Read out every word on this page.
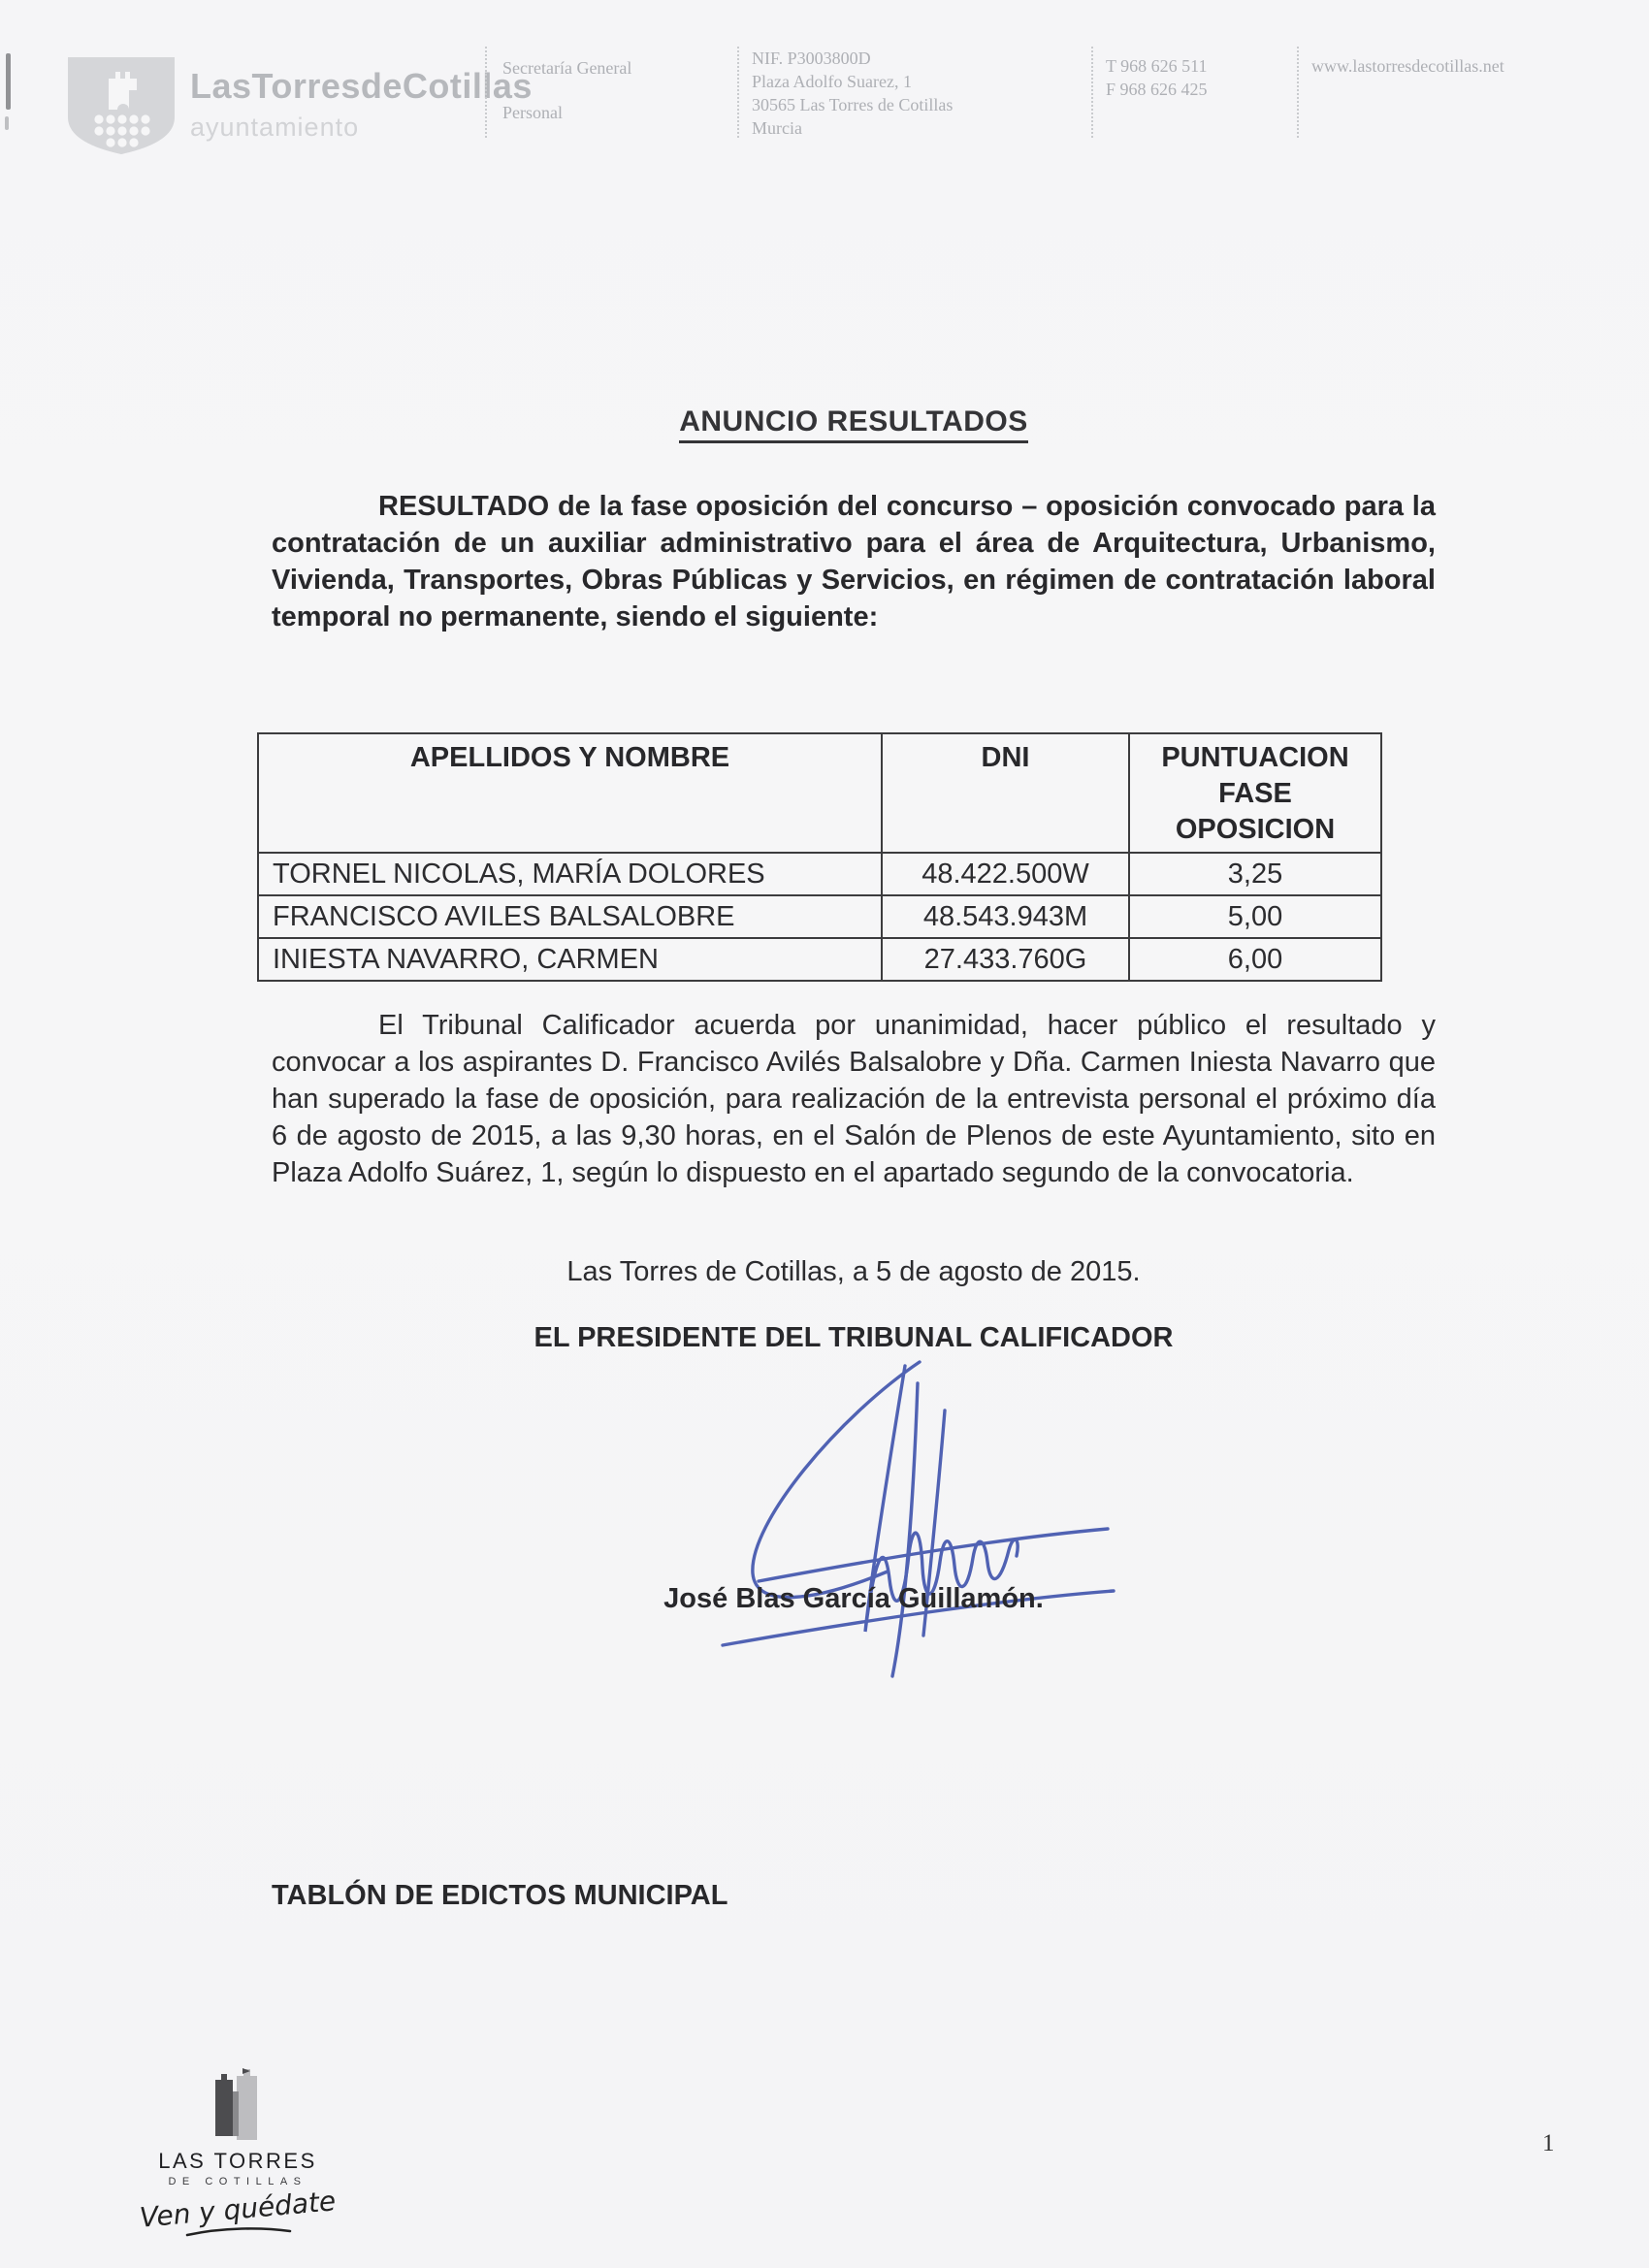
LasTorresdeCotillas
ayuntamiento
Secretaría General
Personal
NIF. P3003800D
Plaza Adolfo Suarez, 1
30565 Las Torres de Cotillas
Murcia
T 968 626 511
F 968 626 425
www.lastorresdecotillas.net
ANUNCIO RESULTADOS
RESULTADO de la fase oposición del concurso – oposición convocado para la contratación de un auxiliar administrativo para el área de Arquitectura, Urbanismo, Vivienda, Transportes, Obras Públicas y Servicios, en régimen de contratación laboral temporal no permanente, siendo el siguiente:
APELLIDOS Y NOMBRE	DNI	PUNTUACION FASE OPOSICION
TORNEL NICOLAS, MARÍA DOLORES	48.422.500W	3,25
FRANCISCO AVILES BALSALOBRE	48.543.943M	5,00
INIESTA NAVARRO, CARMEN	27.433.760G	6,00
El Tribunal Calificador acuerda por unanimidad, hacer público el resultado y convocar a los aspirantes D. Francisco Avilés Balsalobre y Dña. Carmen Iniesta Navarro que han superado la fase de oposición, para realización de la entrevista personal el próximo día 6 de agosto de 2015, a las 9,30 horas, en el Salón de Plenos de este Ayuntamiento, sito en Plaza Adolfo Suárez, 1, según lo dispuesto en el apartado segundo de la convocatoria.
Las Torres de Cotillas, a 5 de agosto de 2015.
EL PRESIDENTE DEL TRIBUNAL CALIFICADOR
José Blas García Guillamón.
TABLÓN DE EDICTOS MUNICIPAL
LAS TORRES
DE COTILLAS
Ven y quédate
1
